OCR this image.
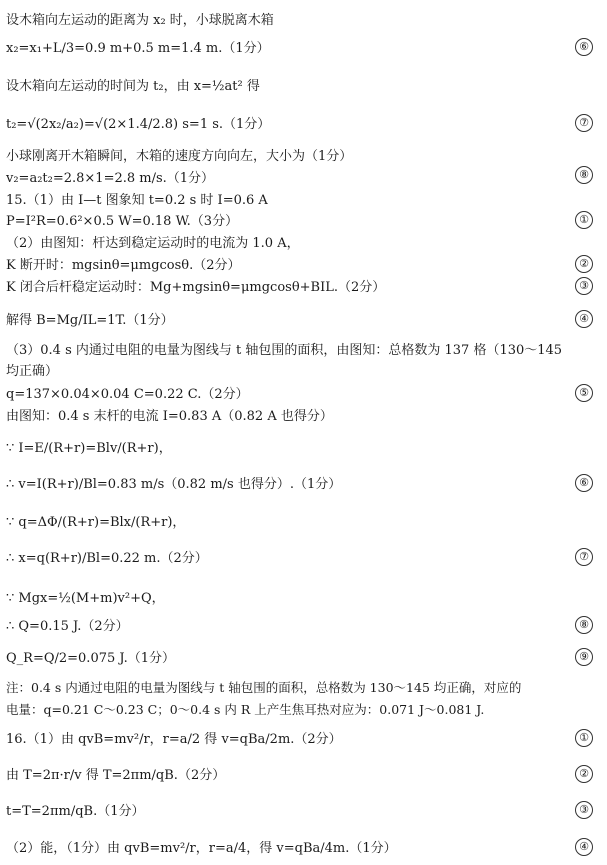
设木箱向左运动的距离为 x₂ 时，小球脱离木箱
x₂=x₁+L/3=0.9 m+0.5 m=1.4 m.（1分）	⑥
设木箱向左运动的时间为 t₂，由 x=½at² 得
t₂=√(2x₂/a₂)=√(2×1.4/2.8) s=1 s.（1分）	⑦
小球刚离开木箱瞬间，木箱的速度方向向左，大小为（1分）
v₂=a₂t₂=2.8×1=2.8 m/s.（1分）	⑧
15.（1）由 I—t 图象知 t=0.2 s 时 I=0.6 A
P=I²R=0.6²×0.5 W=0.18 W.（3分）	①
（2）由图知：杆达到稳定运动时的电流为 1.0 A，
K 断开时：mgsinθ=μmgcosθ.（2分）	②
K 闭合后杆稳定运动时：Mg+mgsinθ=μmgcosθ+BIL.（2分）	③
解得 B=Mg/IL=1T.（1分）	④
（3）0.4 s 内通过电阻的电量为图线与 t 轴包围的面积，由图知：总格数为 137 格（130～145
均正确）
q=137×0.04×0.04 C=0.22 C.（2分）	⑤
由图知：0.4 s 末杆的电流 I=0.83 A（0.82 A 也得分）
∵ I=E/(R+r)=Blv/(R+r)，
∴ v=I(R+r)/Bl=0.83 m/s（0.82 m/s 也得分）.（1分）	⑥
∵ q=ΔΦ/(R+r)=Blx/(R+r)，
∴ x=q(R+r)/Bl=0.22 m.（2分）	⑦
∵ Mgx=½(M+m)v²+Q，
∴ Q=0.15 J.（2分）	⑧
Q_R=Q/2=0.075 J.（1分）	⑨
注：0.4 s 内通过电阻的电量为图线与 t 轴包围的面积，总格数为 130～145 均正确，对应的
电量：q=0.21 C～0.23 C；0～0.4 s 内 R 上产生焦耳热对应为：0.071 J～0.081 J.
16.（1）由 qvB=mv²/r，r=a/2 得 v=qBa/2m.（2分）	①
由 T=2π·r/v 得 T=2πm/qB.（2分）	②
t=T=2πm/qB.（1分）	③
（2）能，（1分）由 qvB=mv²/r，r=a/4，得 v=qBa/4m.（1分）	④
